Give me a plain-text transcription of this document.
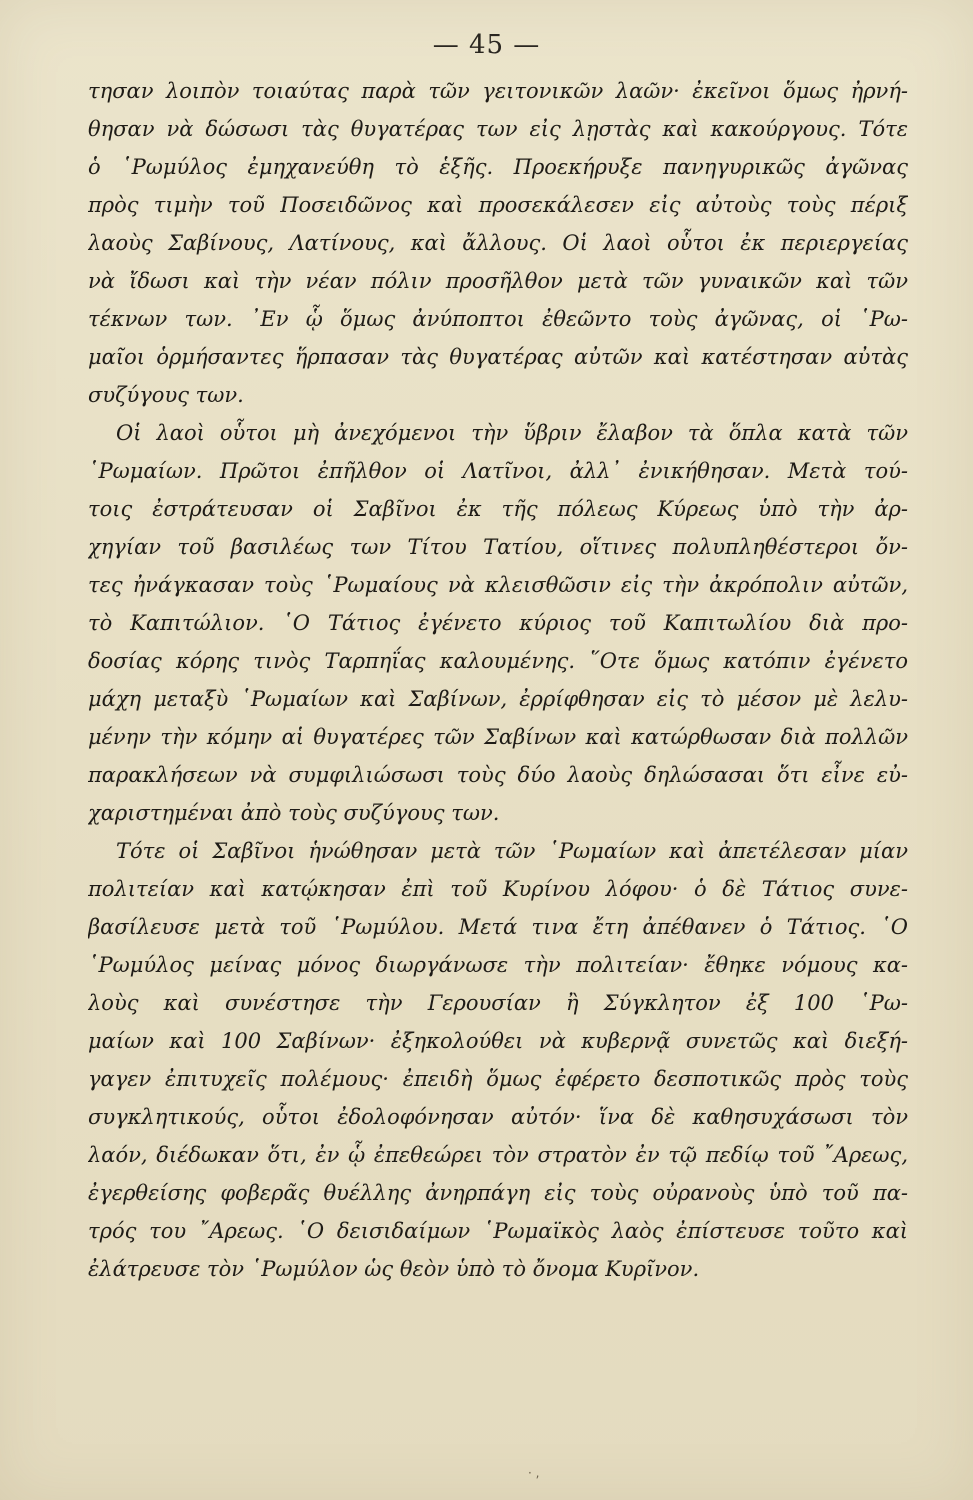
— 45 —
τησαν λοιπὸν τοιαύτας παρὰ τῶν γειτονικῶν λαῶν· ἐκεῖνοι ὅμως ἠρνή-
θησαν νὰ δώσωσι τὰς θυγατέρας των εἰς λῃστὰς καὶ κακούργους. Τότε
ὁ ῾Ρωμύλος ἐμηχανεύθη τὸ ἑξῆς. Προεκήρυξε πανηγυρικῶς ἀγῶνας
πρὸς τιμὴν τοῦ Ποσειδῶνος καὶ προσεκάλεσεν εἰς αὐτοὺς τοὺς πέριξ
λαοὺς Σαβίνους, Λατίνους, καὶ ἄλλους. Οἱ λαοὶ οὗτοι ἐκ περιεργείας
νὰ ἴδωσι καὶ τὴν νέαν πόλιν προσῆλθον μετὰ τῶν γυναικῶν καὶ τῶν
τέκνων των. ᾿Εν ᾧ ὅμως ἀνύποπτοι ἐθεῶντο τοὺς ἀγῶνας, οἱ ῾Ρω-
μαῖοι ὁρμήσαντες ἥρπασαν τὰς θυγατέρας αὐτῶν καὶ κατέστησαν αὐτὰς
συζύγους των.
Οἱ λαοὶ οὗτοι μὴ ἀνεχόμενοι τὴν ὕβριν ἔλαβον τὰ ὅπλα κατὰ τῶν
῾Ρωμαίων. Πρῶτοι ἐπῆλθον οἱ Λατῖνοι, ἀλλ᾿ ἐνικήθησαν. Μετὰ τού-
τοις ἐστράτευσαν οἱ Σαβῖνοι ἐκ τῆς πόλεως Κύρεως ὑπὸ τὴν ἀρ-
χηγίαν τοῦ βασιλέως των Τίτου Τατίου, οἵτινες πολυπληθέστεροι ὄν-
τες ἠνάγκασαν τοὺς ῾Ρωμαίους νὰ κλεισθῶσιν εἰς τὴν ἀκρόπολιν αὐτῶν,
τὸ Καπιτώλιον. ῾Ο Τάτιος ἐγένετο κύριος τοῦ Καπιτωλίου διὰ προ-
δοσίας κόρης τινὸς Ταρπηΐας καλουμένης. ῞Οτε ὅμως κατόπιν ἐγένετο
μάχη μεταξὺ ῾Ρωμαίων καὶ Σαβίνων, ἐρρίφθησαν εἰς τὸ μέσον μὲ λελυ-
μένην τὴν κόμην αἱ θυγατέρες τῶν Σαβίνων καὶ κατώρθωσαν διὰ πολλῶν
παρακλήσεων νὰ συμφιλιώσωσι τοὺς δύο λαοὺς δηλώσασαι ὅτι εἶνε εὐ-
χαριστημέναι ἀπὸ τοὺς συζύγους των.
Τότε οἱ Σαβῖνοι ἡνώθησαν μετὰ τῶν ῾Ρωμαίων καὶ ἀπετέλεσαν μίαν
πολιτείαν καὶ κατῴκησαν ἐπὶ τοῦ Κυρίνου λόφου· ὁ δὲ Τάτιος συνε-
βασίλευσε μετὰ τοῦ ῾Ρωμύλου. Μετά τινα ἔτη ἀπέθανεν ὁ Τάτιος. ῾Ο
῾Ρωμύλος μείνας μόνος διωργάνωσε τὴν πολιτείαν· ἔθηκε νόμους κα-
λοὺς καὶ συνέστησε τὴν Γερουσίαν ἢ Σύγκλητον ἐξ 100 ῾Ρω-
μαίων καὶ 100 Σαβίνων· ἐξηκολούθει νὰ κυβερνᾷ συνετῶς καὶ διεξή-
γαγεν ἐπιτυχεῖς πολέμους· ἐπειδὴ ὅμως ἐφέρετο δεσποτικῶς πρὸς τοὺς
συγκλητικούς, οὗτοι ἐδολοφόνησαν αὐτόν· ἵνα δὲ καθησυχάσωσι τὸν
λαόν, διέδωκαν ὅτι, ἐν ᾧ ἐπεθεώρει τὸν στρατὸν ἐν τῷ πεδίῳ τοῦ ῎Αρεως,
ἐγερθείσης φοβερᾶς θυέλλης ἀνηρπάγη εἰς τοὺς οὐρανοὺς ὑπὸ τοῦ πα-
τρός του ῎Αρεως. ῾Ο δεισιδαίμων ῾Ρωμαϊκὸς λαὸς ἐπίστευσε τοῦτο καὶ
ἐλάτρευσε τὸν ῾Ρωμύλον ὡς θεὸν ὑπὸ τὸ ὄνομα Κυρῖνον.
· ,
